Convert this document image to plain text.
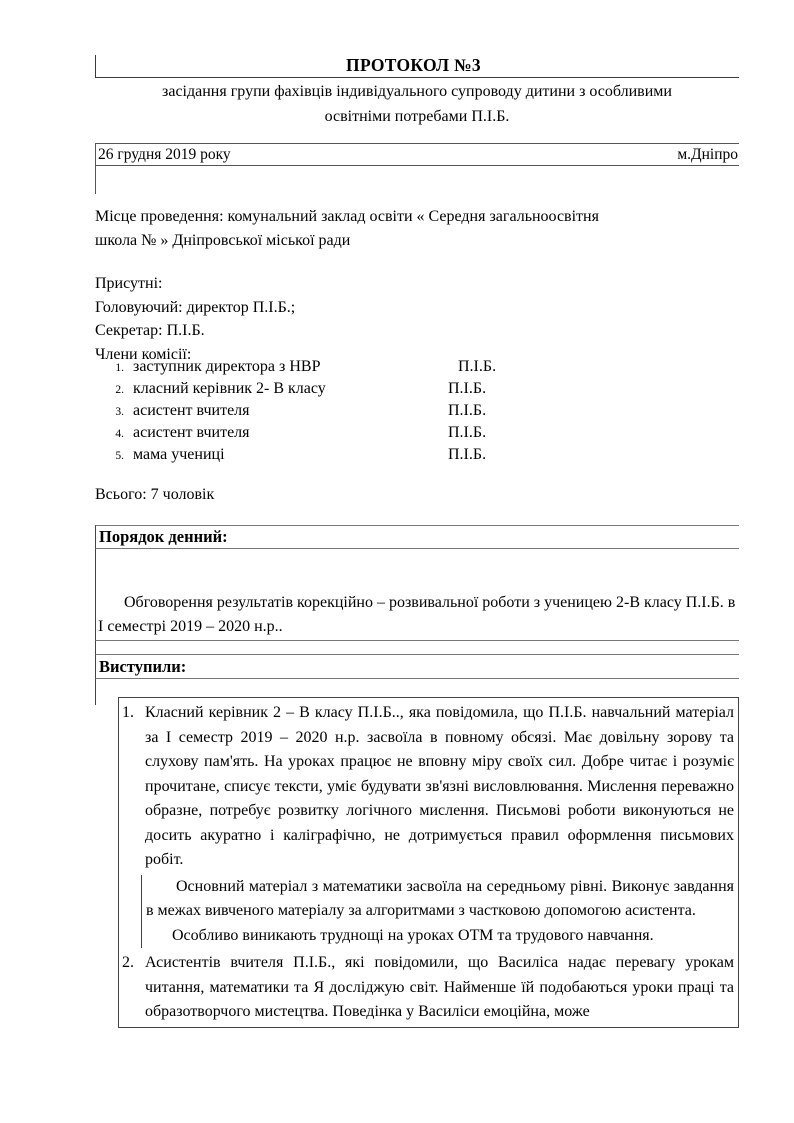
ПРОТОКОЛ №3
засідання групи фахівців індивідуального супроводу дитини з особливими
освітніми потребами П.І.Б.
26 грудня 2019 року	м.Дніпро
Місце проведення: комунальний заклад освіти « Середня загальноосвітня
школа № » Дніпровської міської ради
Присутні:
Головуючий: директор П.І.Б.;
Секретар: П.І.Б.
Члени комісії:
1. заступник директора з НВР	П.І.Б.
2. класний керівник 2- В класу	П.І.Б.
3. асистент вчителя	П.І.Б.
4. асистент вчителя	П.І.Б.
5. мама учениці	П.І.Б.
Всього: 7 чоловік
Порядок денний:
Обговорення результатів корекційно – розвивальної роботи з ученицею 2-В класу П.І.Б. в І семестрі 2019 – 2020 н.р..
Виступили:
1. Класний керівник 2 – В класу П.І.Б.., яка повідомила, що П.І.Б. навчальний матеріал за І семестр 2019 – 2020 н.р. засвоїла в повному обсязі. Має довільну зорову та слухову пам'ять. На уроках працює не вповну міру своїх сил. Добре читає і розуміє прочитане, списує тексти, уміє будувати зв'язні висловлювання. Мислення переважно образне, потребує розвитку логічного мислення. Письмові роботи виконуються не досить акуратно і каліграфічно, не дотримується правил оформлення письмових робіт.
Основний матеріал з математики засвоїла на середньому рівні. Виконує завдання в межах вивченого матеріалу за алгоритмами з частковою допомогою асистента.
Особливо виникають труднощі на уроках ОТМ та трудового навчання.
2. Асистентів вчителя П.І.Б., які повідомили, що Василіса надає перевагу урокам читання, математики та Я досліджую світ. Найменше їй подобаються уроки праці та образотворчого мистецтва. Поведінка у Василіси емоційна, може
